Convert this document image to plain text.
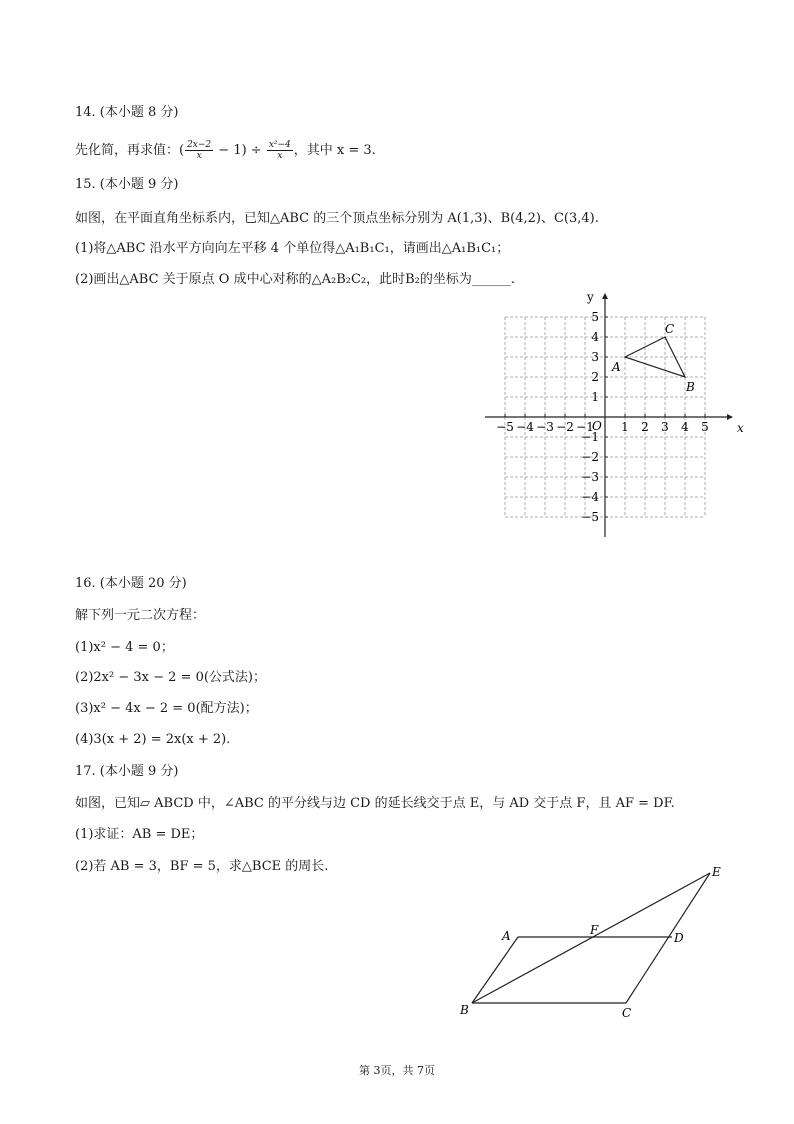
14. (本小题 8 分)
先化简，再求值：( $\frac{2x-2}{x} - 1) \div \frac{\text{x²−4}}{x}$ ，其中 x = 3.
15. (本小题 9 分)
如图，在平面直角坐标系内，已知△ABC 的三个顶点坐标分别为 A(1,3)、B(4,2)、C(3,4).
(1)将△ABC 沿水平方向向左平移 4 个单位得△A₁B₁C₁，请画出△A₁B₁C₁；
(2)画出△ABC 关于原点 O 成中心对称的△A₂B₂C₂，此时B₂的坐标为______.
−5 −4 −3 −2 −1 1 2 3 4 5
5
4
3
2
1
−1
−2
−3
−4
−5
A
B
C
x
y
O
16. (本小题 20 分)
解下列一元二次方程：
(1)x² − 4 = 0；
(2)2x² − 3x − 2 = 0(公式法)；
(3)x² − 4x − 2 = 0(配方法)；
(4)3(x + 2) = 2x(x + 2).
17. (本小题 9 分)
如图，已知▱ ABCD 中，∠ABC 的平分线与边 CD 的延长线交于点 E，与 AD 交于点 F，且 AF = DF.
(1)求证：AB = DE；
(2)若 AB = 3，BF = 5，求△BCE 的周长.
A
B	C
D
E
F
第 3页，共 7页
